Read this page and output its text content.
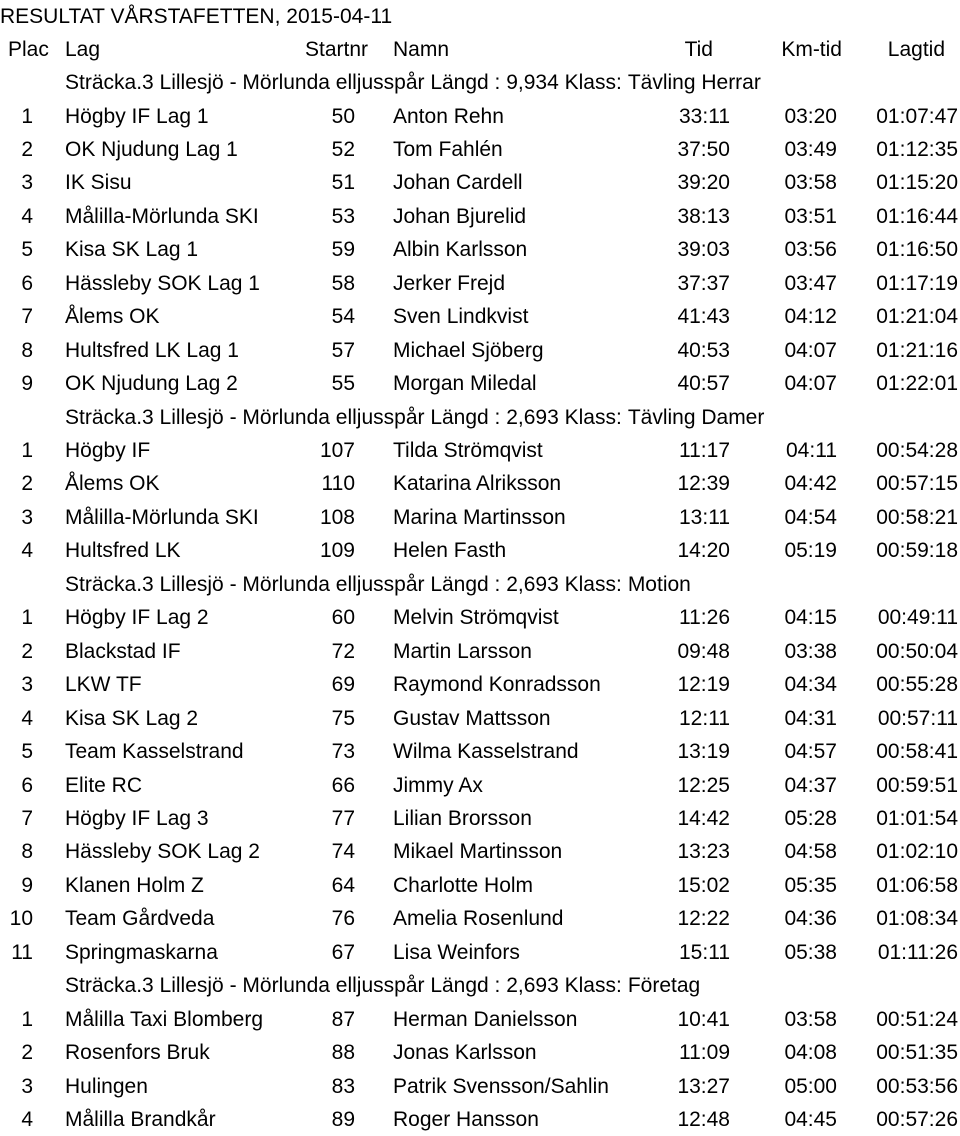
RESULTAT VÅRSTAFETTEN, 2015-04-11
Plac Lag	Startnr Namn	Tid	Km-tid Lagtid
Sträcka.3 Lillesjö - Mörlunda elljusspår Längd : 9,934 Klass: Tävling Herrar
1 Högby IF Lag 1	50 Anton Rehn	33:11	03:20 01:07:47
2 OK Njudung Lag 1	52 Tom Fahlén	37:50	03:49 01:12:35
3 IK Sisu	51 Johan Cardell	39:20	03:58 01:15:20
4 Målilla-Mörlunda SKI	53 Johan Bjurelid	38:13	03:51 01:16:44
5 Kisa SK Lag 1	59 Albin Karlsson	39:03	03:56 01:16:50
6 Hässleby SOK Lag 1	58 Jerker Frejd	37:37	03:47 01:17:19
7 Ålems OK	54 Sven Lindkvist	41:43	04:12 01:21:04
8 Hultsfred LK Lag 1	57 Michael Sjöberg	40:53	04:07 01:21:16
9 OK Njudung Lag 2	55 Morgan Miledal	40:57	04:07 01:22:01
Sträcka.3 Lillesjö - Mörlunda elljusspår Längd : 2,693 Klass: Tävling Damer
1 Högby IF	107 Tilda Strömqvist	11:17	04:11 00:54:28
2 Ålems OK	110 Katarina Alriksson	12:39	04:42 00:57:15
3 Målilla-Mörlunda SKI	108 Marina Martinsson	13:11	04:54 00:58:21
4 Hultsfred LK	109 Helen Fasth	14:20	05:19 00:59:18
Sträcka.3 Lillesjö - Mörlunda elljusspår Längd : 2,693 Klass: Motion
1 Högby IF Lag 2	60 Melvin Strömqvist	11:26	04:15 00:49:11
2 Blackstad IF	72 Martin Larsson	09:48	03:38 00:50:04
3 LKW TF	69 Raymond Konradsson	12:19	04:34 00:55:28
4 Kisa SK Lag 2	75 Gustav Mattsson	12:11	04:31 00:57:11
5 Team Kasselstrand	73 Wilma Kasselstrand	13:19	04:57 00:58:41
6 Elite RC	66 Jimmy Ax	12:25	04:37 00:59:51
7 Högby IF Lag 3	77 Lilian Brorsson	14:42	05:28 01:01:54
8 Hässleby SOK Lag 2	74 Mikael Martinsson	13:23	04:58 01:02:10
9 Klanen Holm Z	64 Charlotte Holm	15:02	05:35 01:06:58
10 Team Gårdveda	76 Amelia Rosenlund	12:22	04:36 01:08:34
11 Springmaskarna	67 Lisa Weinfors	15:11	05:38 01:11:26
Sträcka.3 Lillesjö - Mörlunda elljusspår Längd : 2,693 Klass: Företag
1 Målilla Taxi Blomberg	87 Herman Danielsson	10:41	03:58 00:51:24
2 Rosenfors Bruk	88 Jonas Karlsson	11:09	04:08 00:51:35
3 Hulingen	83 Patrik Svensson/Sahlin	13:27	05:00 00:53:56
4 Målilla Brandkår	89 Roger Hansson	12:48	04:45 00:57:26
